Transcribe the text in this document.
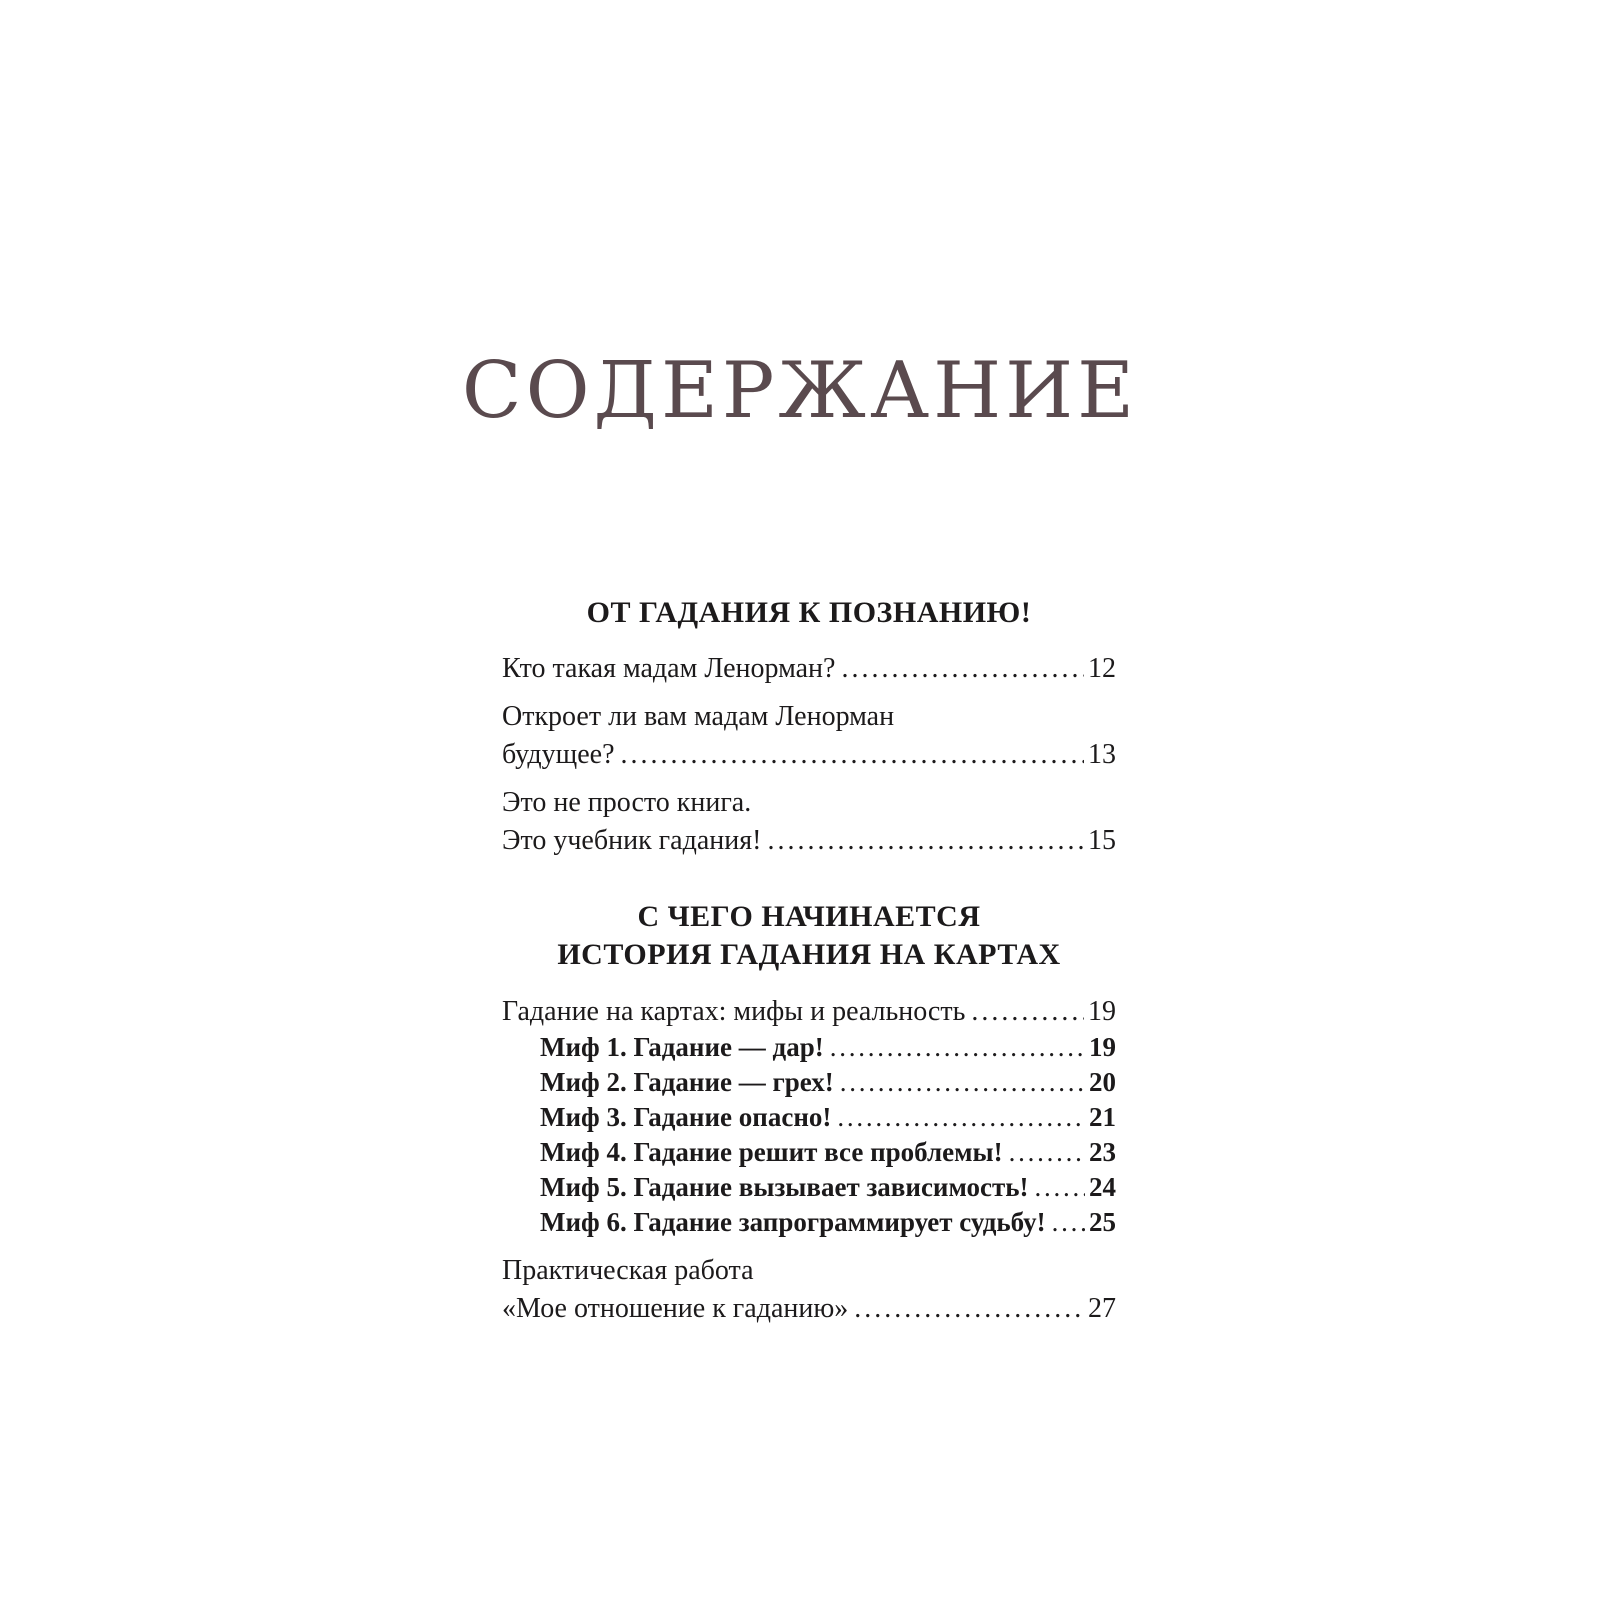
СОДЕРЖАНИЕ
ОТ ГАДАНИЯ К ПОЗНАНИЮ!
Кто такая мадам Ленорман? . . .	12
Откроет ли вам мадам Ленорман
будущее? . . .	13
Это не просто книга.
Это учебник гадания! . . .	15
С ЧЕГО НАЧИНАЕТСЯ
ИСТОРИЯ ГАДАНИЯ НА КАРТАХ
Гадание на картах: мифы и реальность . . .	19
Миф 1. Гадание — дар! . . .	19
Миф 2. Гадание — грех! . . .	20
Миф 3. Гадание опасно! . . .	21
Миф 4. Гадание решит все проблемы! . . .	23
Миф 5. Гадание вызывает зависимость! . . . 24
Миф 6. Гадание запрограммирует судьбу! . . . 25
Практическая работа
«Мое отношение к гаданию» . . .	27
